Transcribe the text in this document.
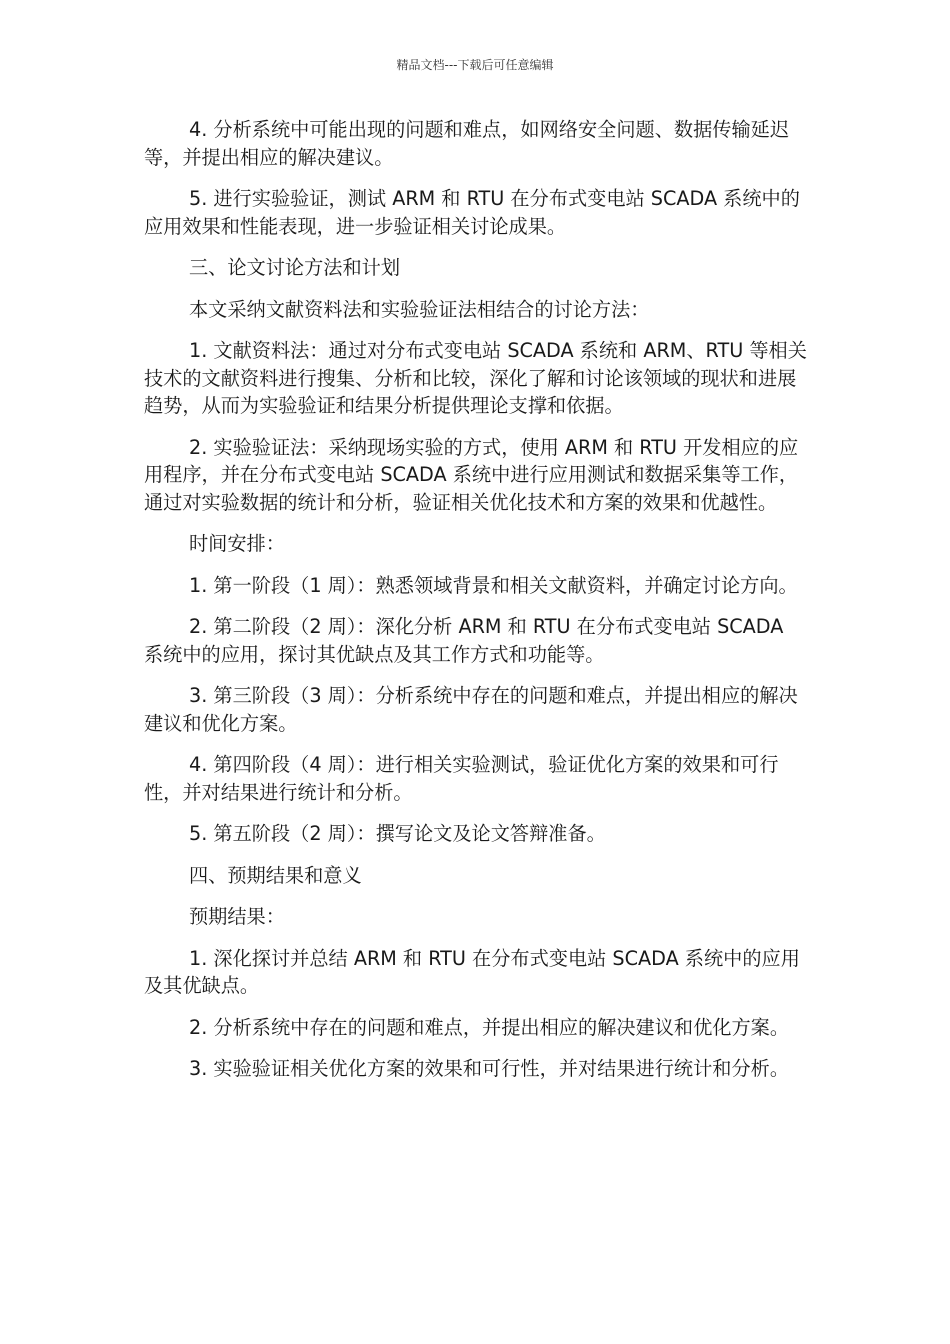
精品文档---下载后可任意编辑

4. 分析系统中可能出现的问题和难点，如网络安全问题、数据传输延迟等，并提出相应的解决建议。

5. 进行实验验证，测试 ARM 和 RTU 在分布式变电站 SCADA 系统中的应用效果和性能表现，进一步验证相关讨论成果。

三、论文讨论方法和计划

本文采纳文献资料法和实验验证法相结合的讨论方法：

1. 文献资料法：通过对分布式变电站 SCADA 系统和 ARM、RTU 等相关技术的文献资料进行搜集、分析和比较，深化了解和讨论该领域的现状和进展趋势，从而为实验验证和结果分析提供理论支撑和依据。

2. 实验验证法：采纳现场实验的方式，使用 ARM 和 RTU 开发相应的应用程序，并在分布式变电站 SCADA 系统中进行应用测试和数据采集等工作，通过对实验数据的统计和分析，验证相关优化技术和方案的效果和优越性。

时间安排：

1. 第一阶段（1 周）：熟悉领域背景和相关文献资料，并确定讨论方向。

2. 第二阶段（2 周）：深化分析 ARM 和 RTU 在分布式变电站 SCADA 系统中的应用，探讨其优缺点及其工作方式和功能等。

3. 第三阶段（3 周）：分析系统中存在的问题和难点，并提出相应的解决建议和优化方案。

4. 第四阶段（4 周）：进行相关实验测试，验证优化方案的效果和可行性，并对结果进行统计和分析。

5. 第五阶段（2 周）：撰写论文及论文答辩准备。

四、预期结果和意义

预期结果：

1. 深化探讨并总结 ARM 和 RTU 在分布式变电站 SCADA 系统中的应用及其优缺点。

2. 分析系统中存在的问题和难点，并提出相应的解决建议和优化方案。

3. 实验验证相关优化方案的效果和可行性，并对结果进行统计和分析。
